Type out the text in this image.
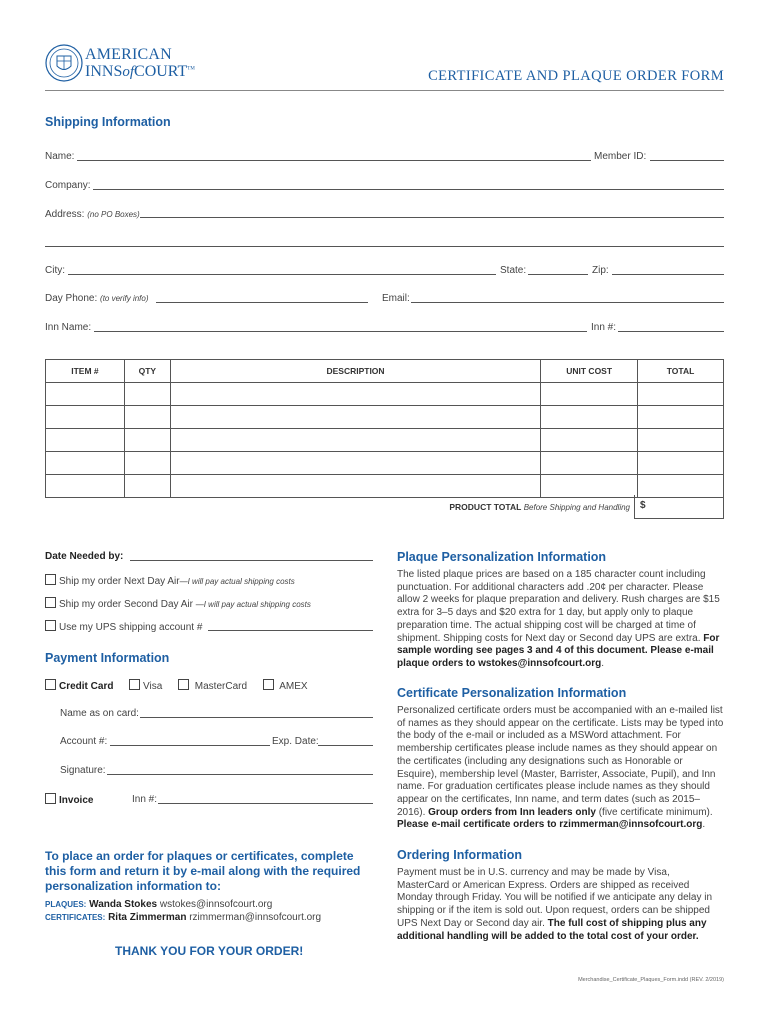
AMERICAN
INNSofCOURT™	CERTIFICATE AND PLAQUE ORDER FORM
Shipping Information
Name:	Member ID:
Company:
Address: (no PO Boxes)
City:	State:	Zip:
Day Phone: (to verify info)	Email:
Inn Name:	Inn #:
ITEM #	QTY	DESCRIPTION	UNIT COST	TOTAL

PRODUCT TOTAL Before Shipping and Handling	$
Date Needed by:
Ship my order Next Day Air—I will pay actual shipping costs
Ship my order Second Day Air —I will pay actual shipping costs
Use my UPS shipping account #
Payment Information
Credit Card	Visa	MasterCard	AMEX
Name as on card:
Account #:	Exp. Date:
Signature:
Invoice	Inn #:
To place an order for plaques or certificates, complete this form and return it by e-mail along with the required personalization information to:
PLAQUES: Wanda Stokes wstokes@innsofcourt.org
CERTIFICATES: Rita Zimmerman rzimmerman@innsofcourt.org
THANK YOU FOR YOUR ORDER!
Plaque Personalization Information
The listed plaque prices are based on a 185 character count including punctuation. For additional characters add .20¢ per character. Please allow 2 weeks for plaque preparation and delivery. Rush charges are $15 extra for 3–5 days and $20 extra for 1 day, but apply only to plaque preparation time. The actual shipping cost will be charged at time of shipment. Shipping costs for Next day or Second day UPS are extra. For sample wording see pages 3 and 4 of this document. Please e-mail plaque orders to wstokes@innsofcourt.org.
Certificate Personalization Information
Personalized certificate orders must be accompanied with an e-mailed list of names as they should appear on the certificate. Lists may be typed into the body of the e-mail or included as a MSWord attachment. For membership certificates please include names as they should appear on the certificates (including any designations such as Honorable or Esquire), membership level (Master, Barrister, Associate, Pupil), and Inn name. For graduation certificates please include names as they should appear on the certificates, Inn name, and term dates (such as 2015–2016). Group orders from Inn leaders only (five certificate minimum). Please e-mail certificate orders to rzimmerman@innsofcourt.org.
Ordering Information
Payment must be in U.S. currency and may be made by Visa, MasterCard or American Express. Orders are shipped as received Monday through Friday. You will be notified if we anticipate any delay in shipping or if the item is sold out. Upon request, orders can be shipped UPS Next Day or Second day air. The full cost of shipping plus any additional handling will be added to the total cost of your order.
Merchandise_Certificate_Plaques_Form.indd (REV. 2/2019)
